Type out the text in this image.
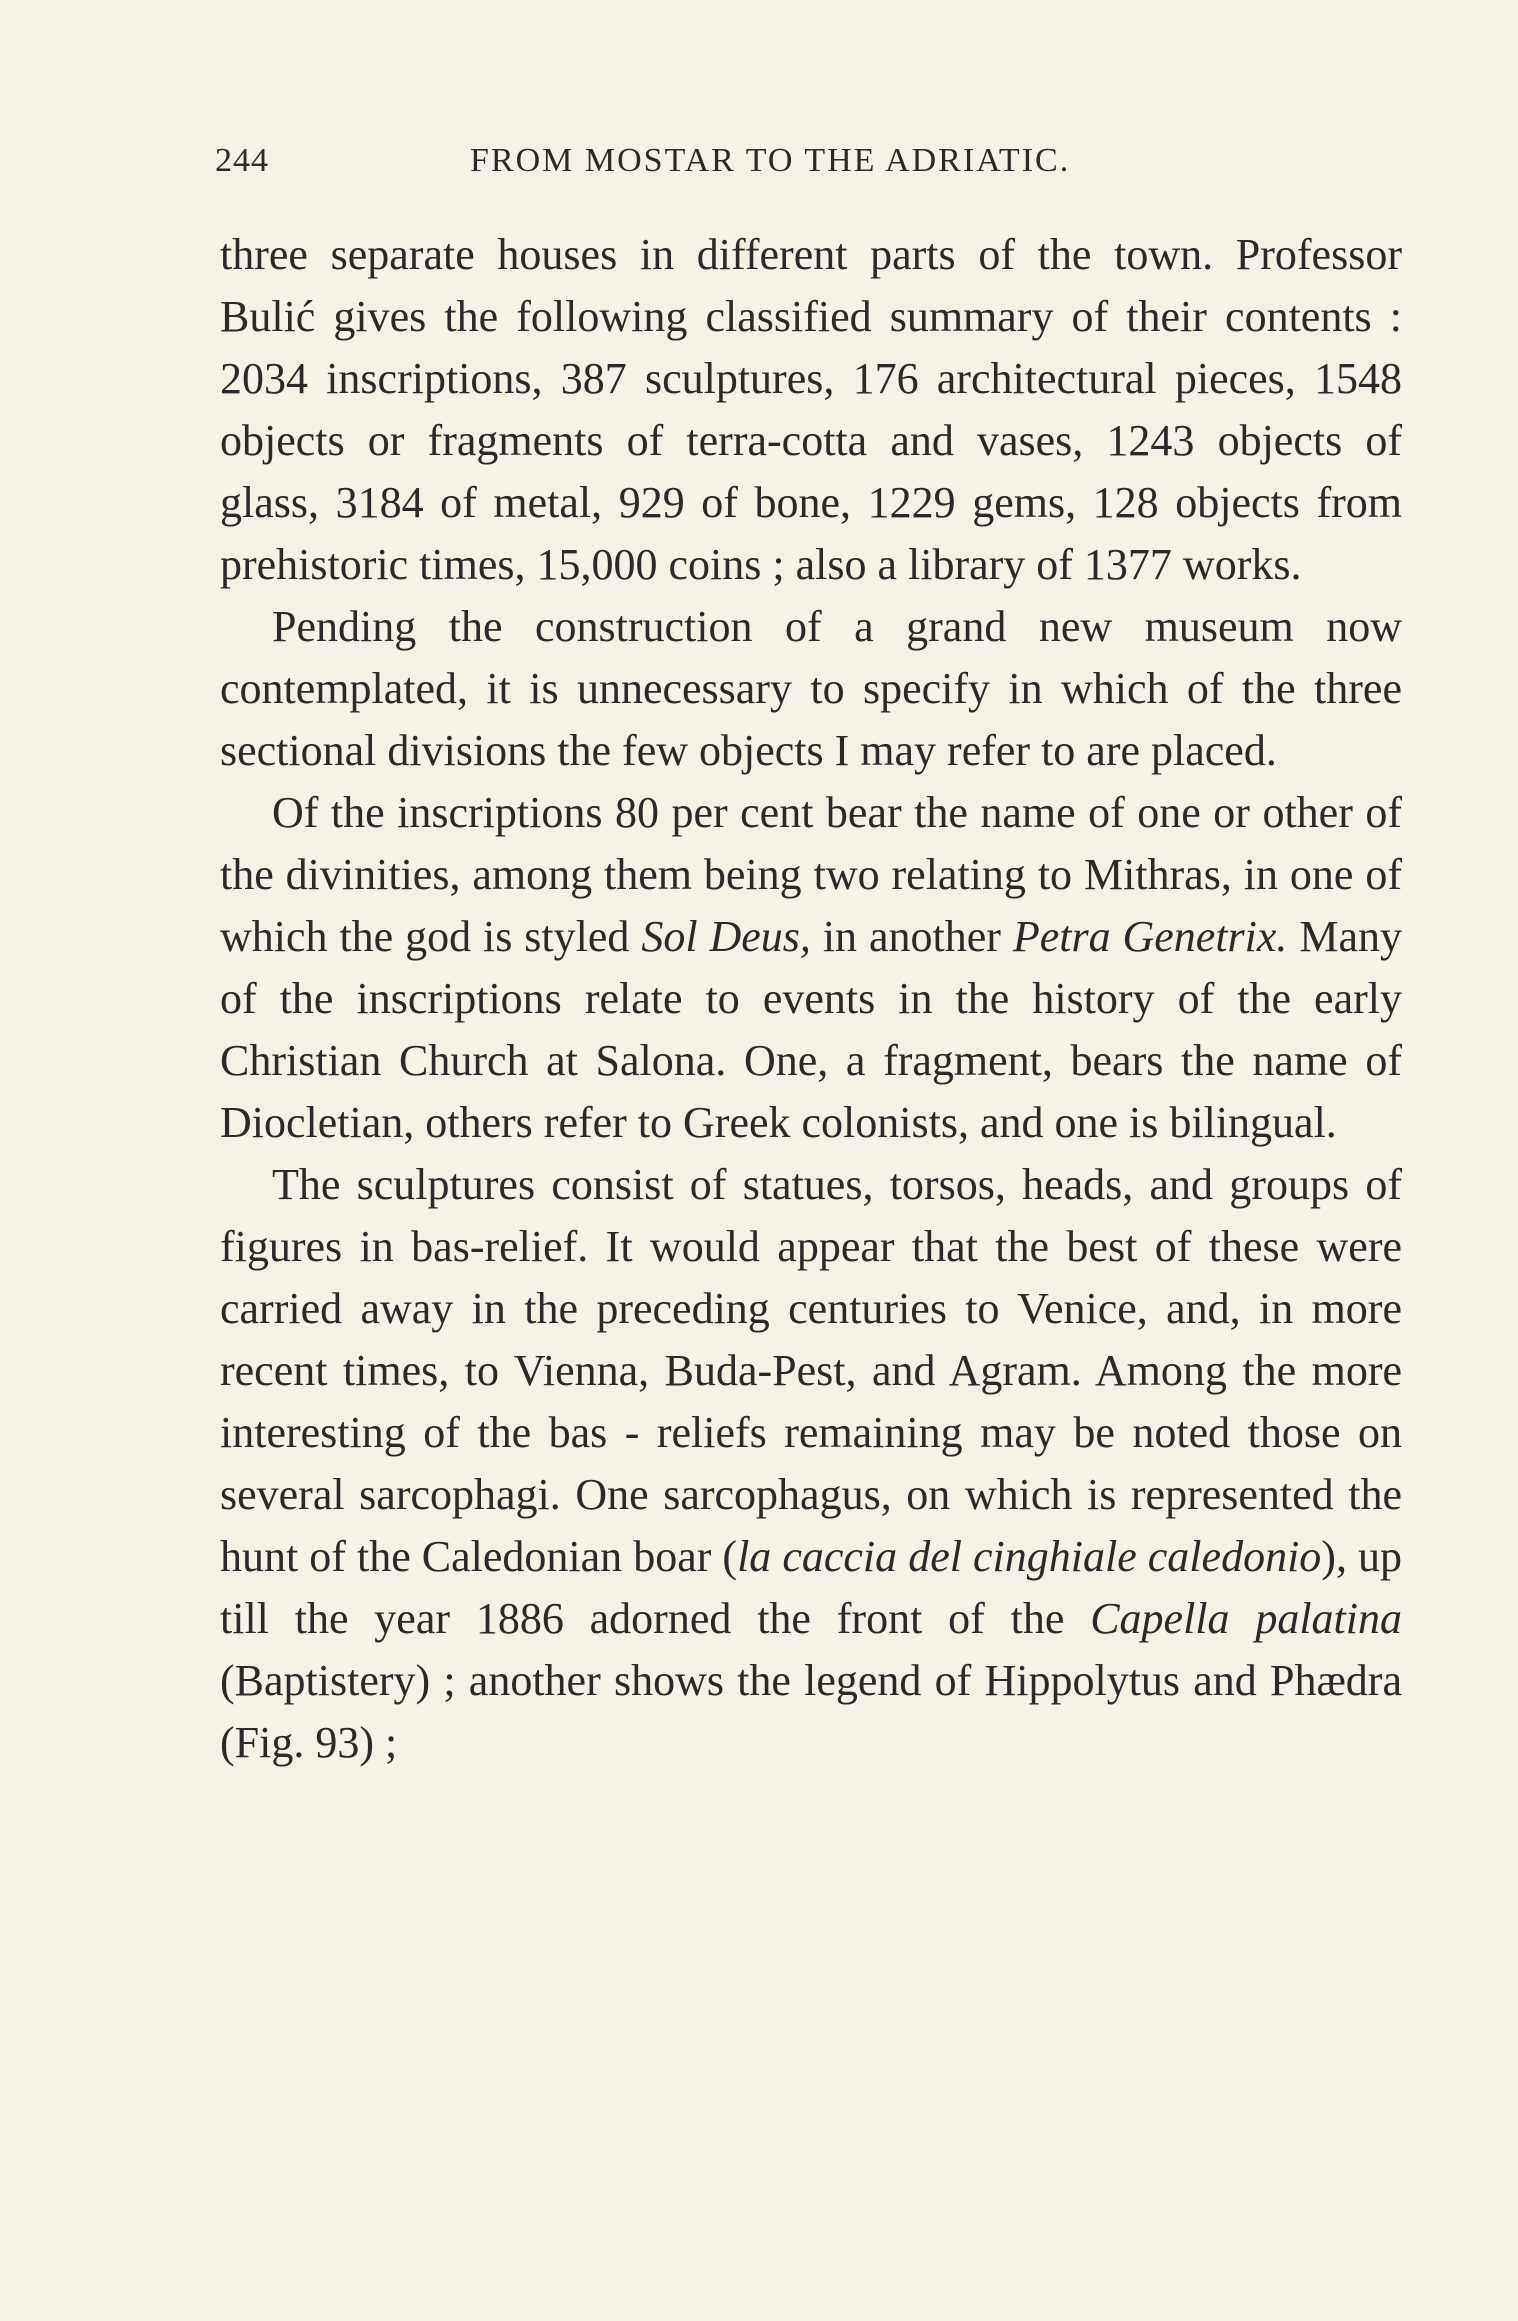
244	FROM MOSTAR TO THE ADRIATIC.

three separate houses in different parts of the town. Professor Bulić gives the following classified summary of their contents : 2034 inscriptions, 387 sculptures, 176 architectural pieces, 1548 objects or fragments of terra-cotta and vases, 1243 objects of glass, 3184 of metal, 929 of bone, 1229 gems, 128 objects from prehistoric times, 15,000 coins ; also a library of 1377 works.

Pending the construction of a grand new museum now contemplated, it is unnecessary to specify in which of the three sectional divisions the few objects I may refer to are placed.

Of the inscriptions 80 per cent bear the name of one or other of the divinities, among them being two relating to Mithras, in one of which the god is styled Sol Deus, in another Petra Genetrix. Many of the inscriptions relate to events in the history of the early Christian Church at Salona. One, a fragment, bears the name of Diocletian, others refer to Greek colonists, and one is bilingual.

The sculptures consist of statues, torsos, heads, and groups of figures in bas-relief. It would appear that the best of these were carried away in the preceding centuries to Venice, and, in more recent times, to Vienna, Buda-Pest, and Agram. Among the more interesting of the bas - reliefs remaining may be noted those on several sarcophagi. One sarcophagus, on which is represented the hunt of the Caledonian boar (la caccia del cinghiale caledonio), up till the year 1886 adorned the front of the Capella palatina (Baptistery) ; another shows the legend of Hippolytus and Phædra (Fig. 93) ;
